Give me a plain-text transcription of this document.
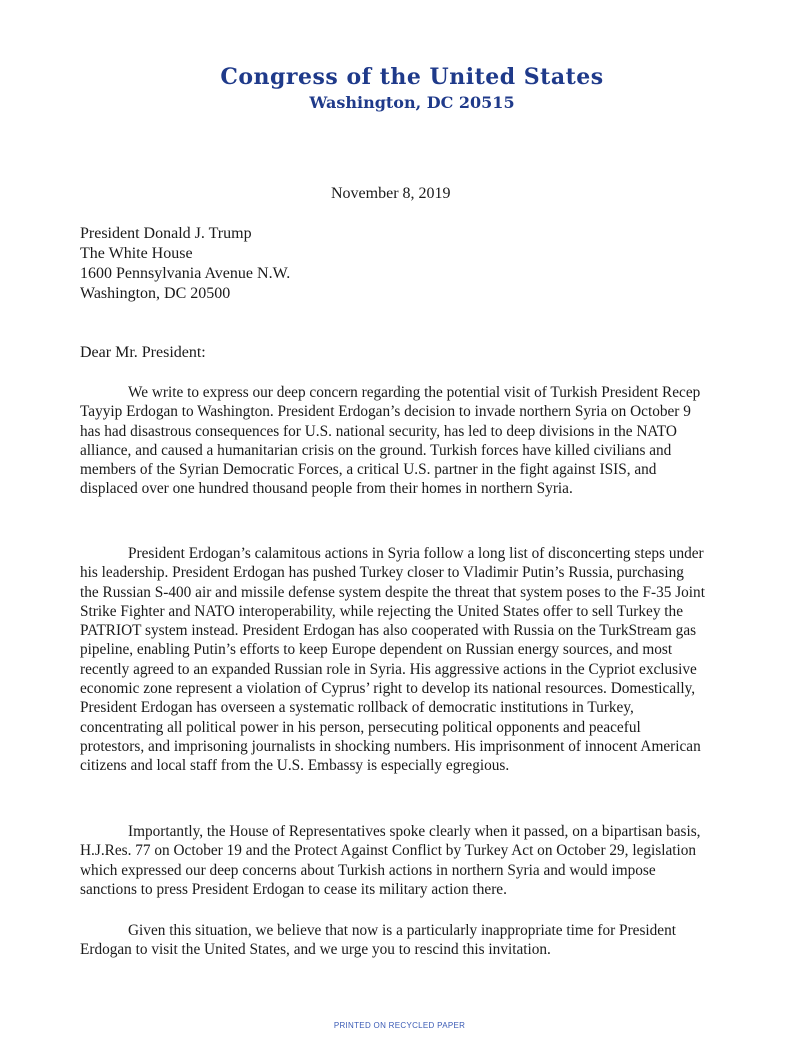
Congress of the United States
Washington, DC 20515
November 8, 2019
President Donald J. Trump
The White House
1600 Pennsylvania Avenue N.W.
Washington, DC 20500
Dear Mr. President:

We write to express our deep concern regarding the potential visit of Turkish President Recep Tayyip Erdogan to Washington. President Erdogan’s decision to invade northern Syria on October 9 has had disastrous consequences for U.S. national security, has led to deep divisions in the NATO alliance, and caused a humanitarian crisis on the ground. Turkish forces have killed civilians and members of the Syrian Democratic Forces, a critical U.S. partner in the fight against ISIS, and displaced over one hundred thousand people from their homes in northern Syria.

President Erdogan’s calamitous actions in Syria follow a long list of disconcerting steps under his leadership. President Erdogan has pushed Turkey closer to Vladimir Putin’s Russia, purchasing the Russian S-400 air and missile defense system despite the threat that system poses to the F-35 Joint Strike Fighter and NATO interoperability, while rejecting the United States offer to sell Turkey the PATRIOT system instead. President Erdogan has also cooperated with Russia on the TurkStream gas pipeline, enabling Putin’s efforts to keep Europe dependent on Russian energy sources, and most recently agreed to an expanded Russian role in Syria. His aggressive actions in the Cypriot exclusive economic zone represent a violation of Cyprus’ right to develop its national resources. Domestically, President Erdogan has overseen a systematic rollback of democratic institutions in Turkey, concentrating all political power in his person, persecuting political opponents and peaceful protestors, and imprisoning journalists in shocking numbers. His imprisonment of innocent American citizens and local staff from the U.S. Embassy is especially egregious.

Importantly, the House of Representatives spoke clearly when it passed, on a bipartisan basis, H.J.Res. 77 on October 19 and the Protect Against Conflict by Turkey Act on October 29, legislation which expressed our deep concerns about Turkish actions in northern Syria and would impose sanctions to press President Erdogan to cease its military action there.

Given this situation, we believe that now is a particularly inappropriate time for President Erdogan to visit the United States, and we urge you to rescind this invitation.

PRINTED ON RECYCLED PAPER
